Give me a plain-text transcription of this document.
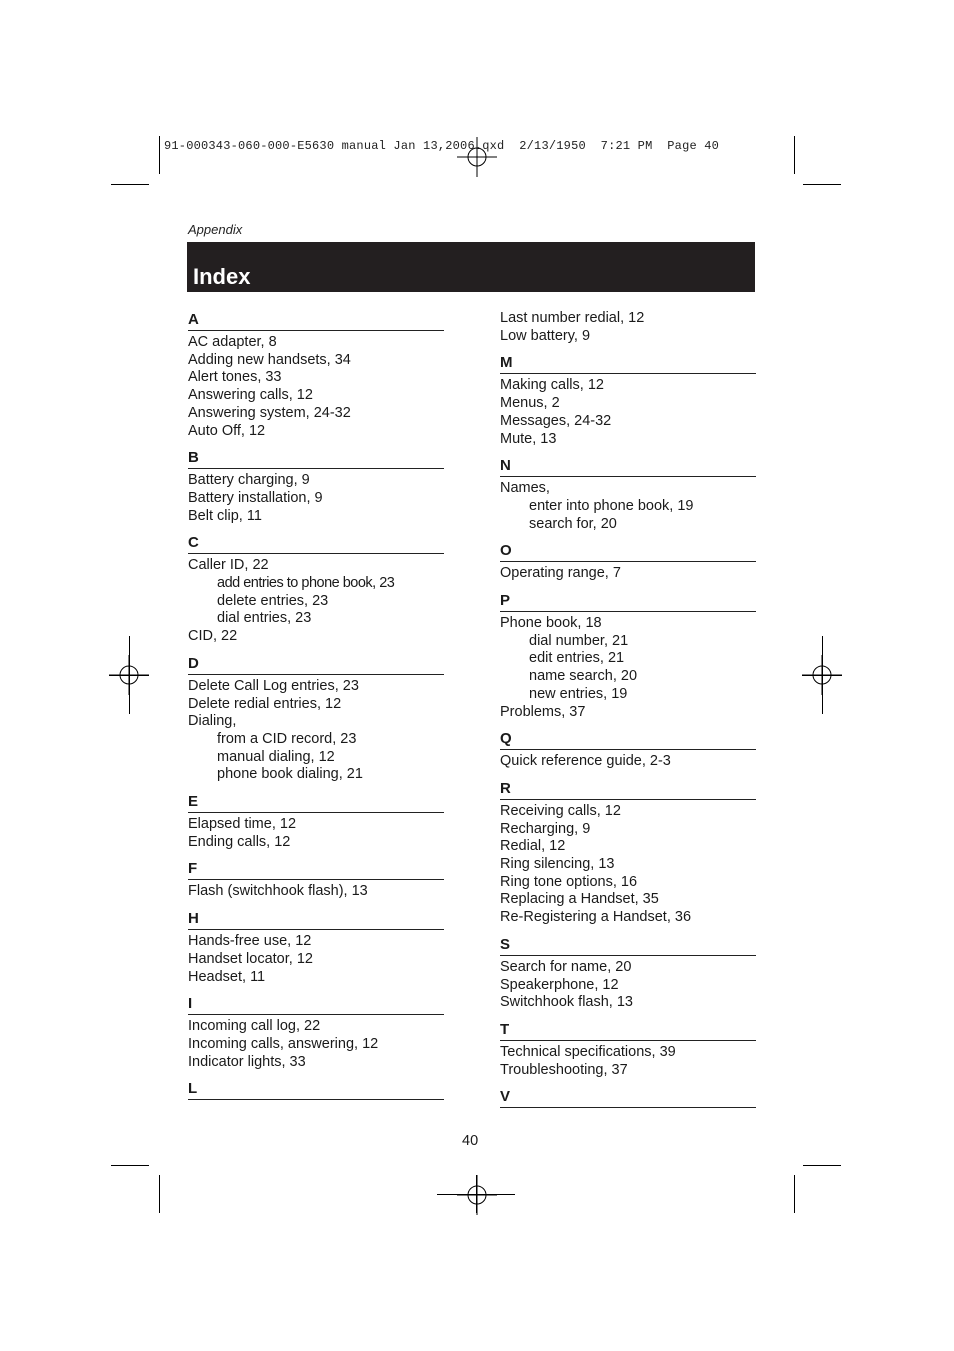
91-000343-060-000-E5630 manual Jan 13,2006.qxd  2/13/1950  7:21 PM  Page 40
Appendix
Index
A
AC adapter, 8
Adding new handsets, 34
Alert tones, 33
Answering calls, 12
Answering system, 24-32
Auto Off, 12
B
Battery charging, 9
Battery installation, 9
Belt clip, 11
C
Caller ID, 22
add entries to phone book, 23
delete entries, 23
dial entries, 23
CID, 22
D
Delete Call Log entries, 23
Delete redial entries, 12
Dialing,
from a CID record, 23
manual dialing, 12
phone book dialing, 21
E
Elapsed time, 12
Ending calls, 12
F
Flash (switchhook flash), 13
H
Hands-free use, 12
Handset locator, 12
Headset, 11
I
Incoming call log, 22
Incoming calls, answering, 12
Indicator lights, 33
L
Last number redial, 12
Low battery, 9
M
Making calls, 12
Menus, 2
Messages, 24-32
Mute, 13
N
Names,
enter into phone book, 19
search for, 20
O
Operating range, 7
P
Phone book, 18
dial number, 21
edit entries, 21
name search, 20
new entries, 19
Problems, 37
Q
Quick reference guide, 2-3
R
Receiving calls, 12
Recharging, 9
Redial, 12
Ring silencing, 13
Ring tone options, 16
Replacing a Handset, 35
Re-Registering a Handset, 36
S
Search for name, 20
Speakerphone, 12
Switchhook flash, 13
T
Technical specifications, 39
Troubleshooting, 37
V
40
